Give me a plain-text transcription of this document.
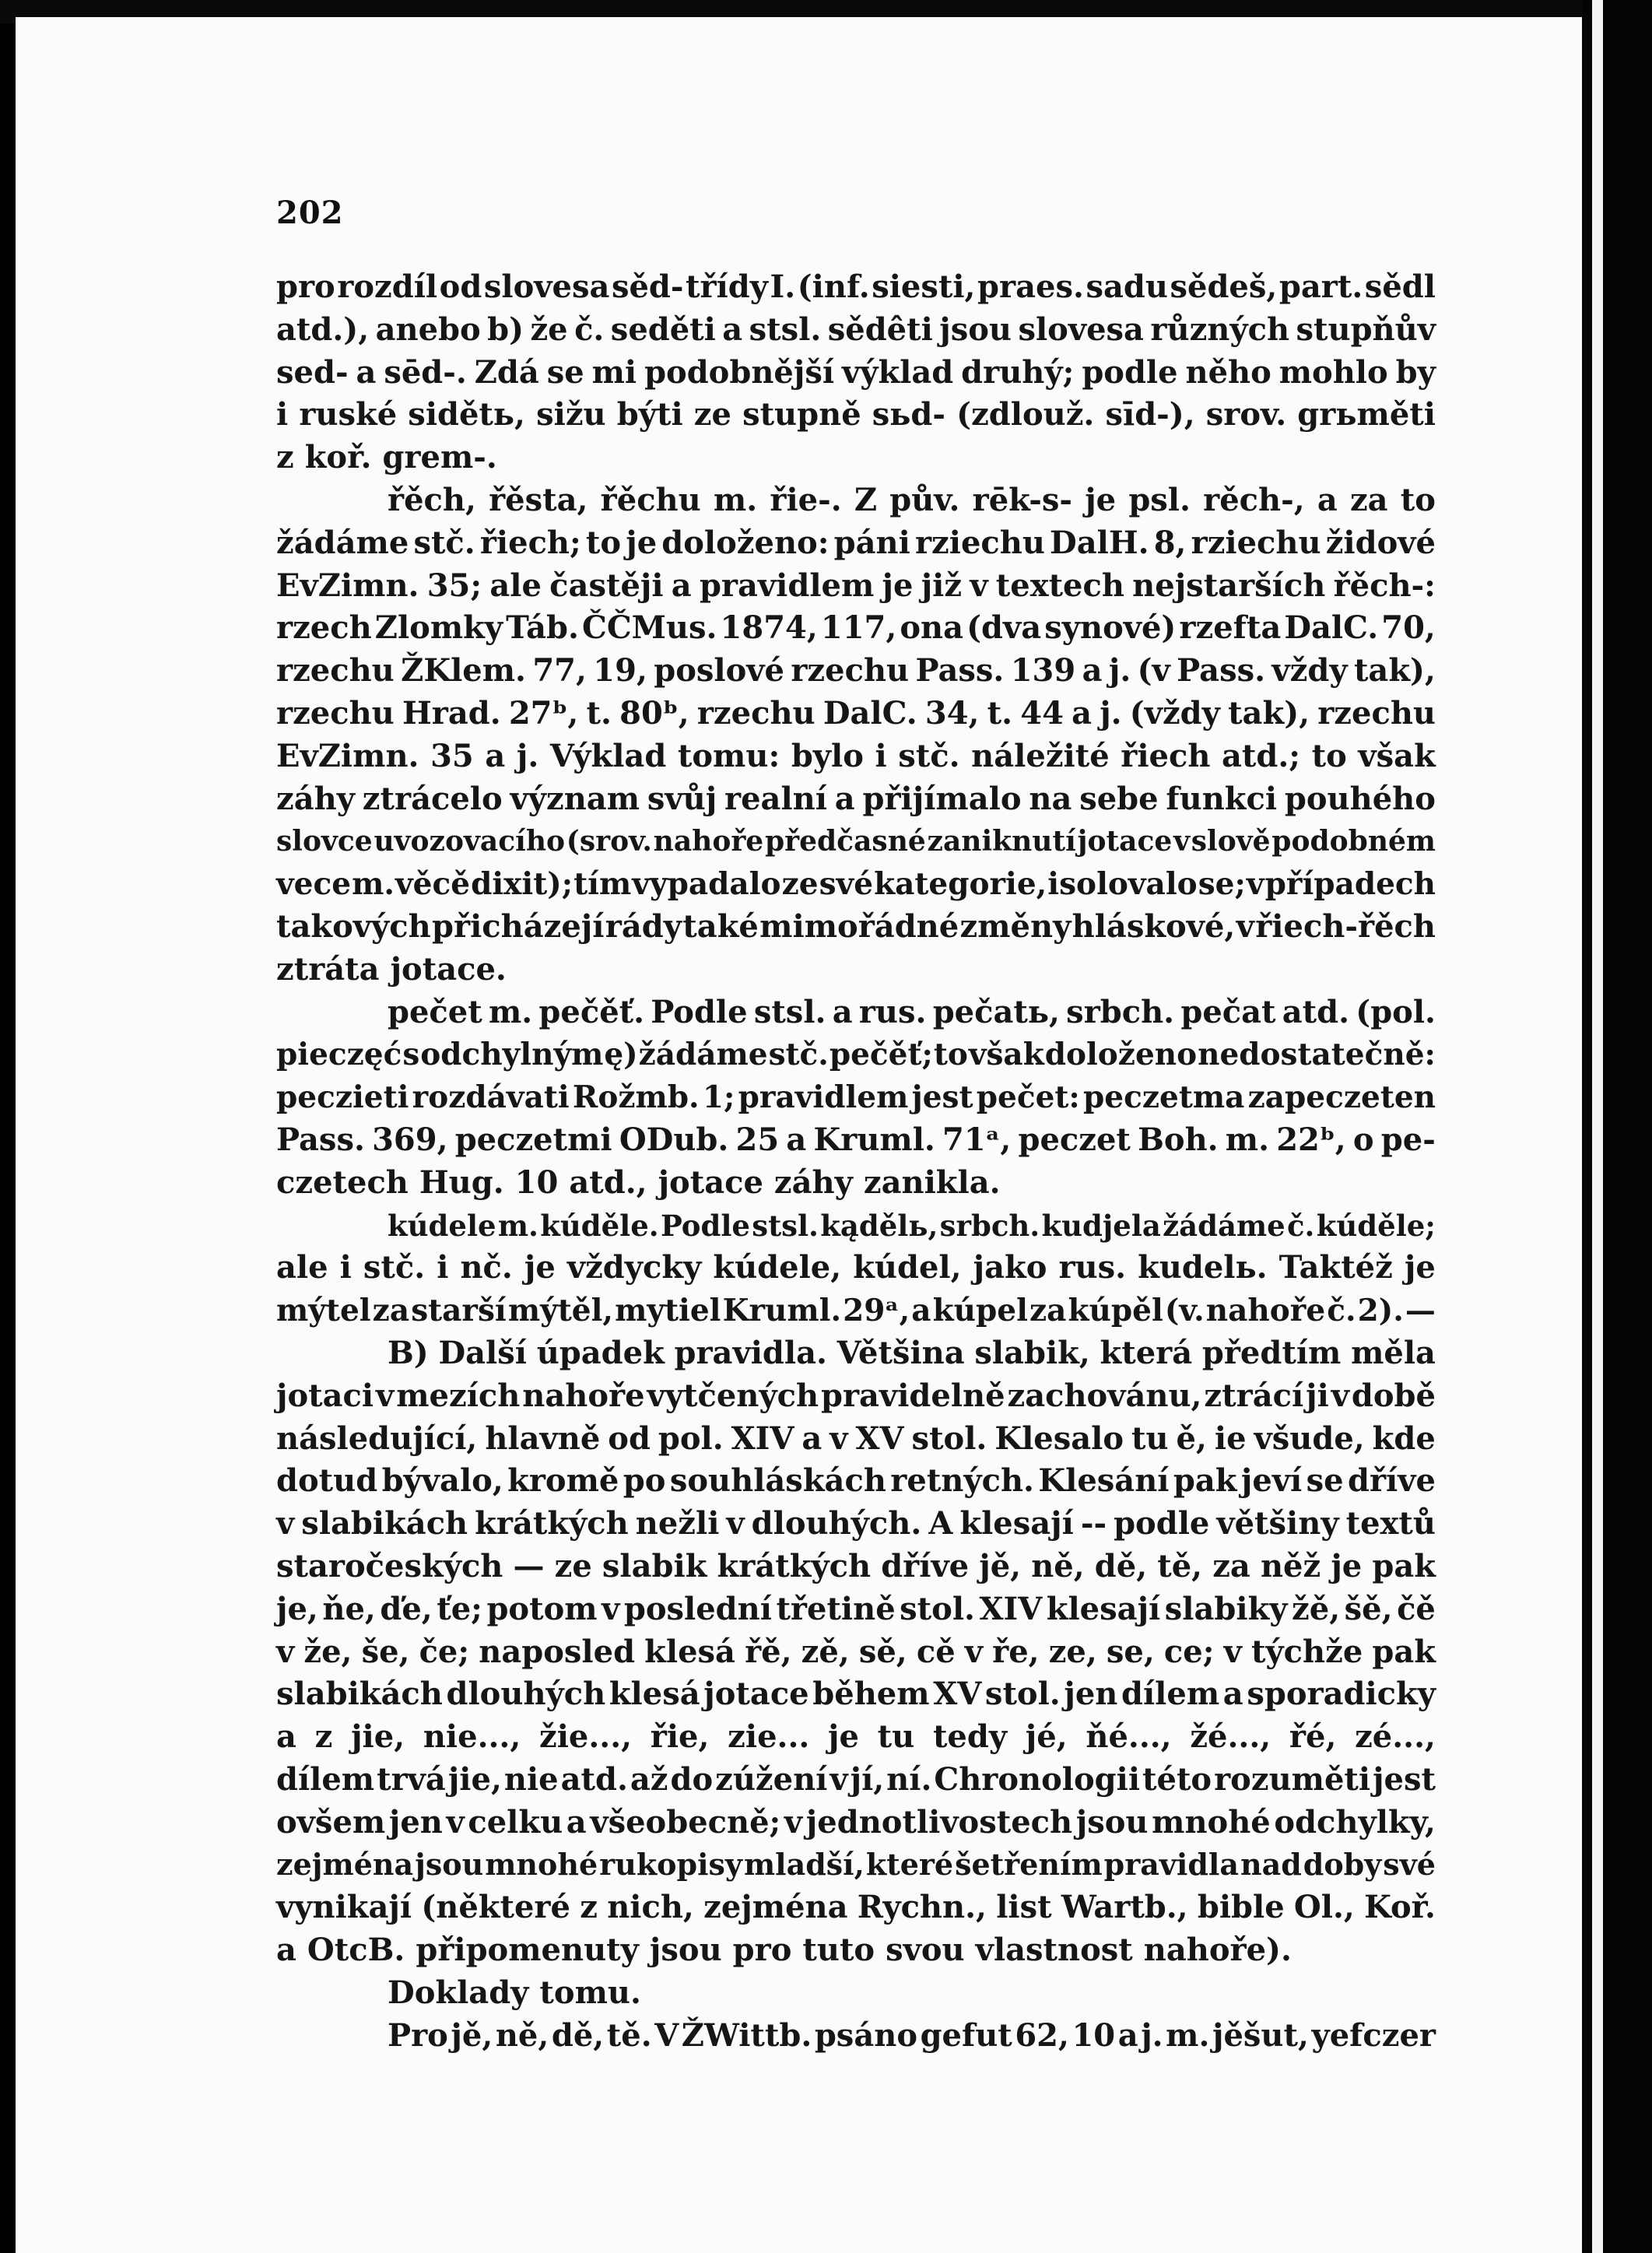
202
pro rozdíl od slovesa sěd- třídy I. (inf. siesti, praes. sadu sědeš, part. sědl
atd.), anebo b) že č. seděti a stsl. sědêti jsou slovesa různých stupňův
sed- a sēd-. Zdá se mi podobnější výklad druhý; podle něho mohlo by
i ruské sidětь, sižu býti ze stupně sьd- (zdlouž. sīd-), srov. grьměti
z koř. grem-.
řěch, řěsta, řěchu m. řie-. Z pův. rēk-s- je psl. rěch-, a za to
žádáme stč. řiech; to je doloženo: páni rziechu DalH. 8, rziechu židové
EvZimn. 35; ale častěji a pravidlem je již v textech nejstarších řěch-:
rzech Zlomky Táb. ČČMus. 1874, 117, ona (dva synové) rzefta DalC. 70,
rzechu ŽKlem. 77, 19, poslové rzechu Pass. 139 a j. (v Pass. vždy tak),
rzechu Hrad. 27ᵇ, t. 80ᵇ, rzechu DalC. 34, t. 44 a j. (vždy tak), rzechu
EvZimn. 35 a j. Výklad tomu: bylo i stč. náležité řiech atd.; to však
záhy ztrácelo význam svůj realní a přijímalo na sebe funkci pouhého
slovce uvozovacího (srov. nahoře předčasné zaniknutí jotace v slově podobném
vece m. věcě dixit); tím vypadalo ze své kategorie, isolovalo se; v případech
takových přicházejí rády také mimořádné změny hláskové, v řiech-řěch
ztráta jotace.
pečet m. pečěť. Podle stsl. a rus. pečatь, srbch. pečat atd. (pol.
pieczęć s odchylným ę) žádáme stč. pečěť; to však doloženo nedostatečně:
peczieti rozdávati Rožmb. 1; pravidlem jest pečet: peczetma zapeczeten
Pass. 369, peczetmi ODub. 25 a Kruml. 71ᵃ, peczet Boh. m. 22ᵇ, o pe-
czetech Hug. 10 atd., jotace záhy zanikla.
kúdele m. kúděle. Podle stsl. kądělь, srbch. kudjela žádáme č. kúděle;
ale i stč. i nč. je vždycky kúdele, kúdel, jako rus. kudelь. Taktéž je
mýtel za starší mýtěl, mytiel Kruml. 29ᵃ, a kúpel za kúpěl (v. nahoře č. 2). —
B) Další úpadek pravidla. Většina slabik, která předtím měla
jotaci v mezích nahoře vytčených pravidelně zachovánu, ztrácí ji v době
následující, hlavně od pol. XIV a v XV stol. Klesalo tu ě, ie všude, kde
dotud bývalo, kromě po souhláskách retných. Klesání pak jeví se dříve
v slabikách krátkých nežli v dlouhých. A klesají -- podle většiny textů
staročeských — ze slabik krátkých dříve jě, ně, dě, tě, za něž je pak
je, ňe, ďe, ťe; potom v poslední třetině stol. XIV klesají slabiky žě, šě, čě
v že, še, če; naposled klesá řě, zě, sě, cě v ře, ze, se, ce; v týchže pak
slabikách dlouhých klesá jotace během XV stol. jen dílem a sporadicky
a z jie, nie..., žie..., řie, zie... je tu tedy jé, ňé..., žé..., řé, zé...,
dílem trvá jie, nie atd. až do zúžení v jí, ní. Chronologii této rozuměti jest
ovšem jen v celku a všeobecně; v jednotlivostech jsou mnohé odchylky,
zejména jsou mnohé rukopisy mladší, které šetřením pravidla nad doby své
vynikají (některé z nich, zejména Rychn., list Wartb., bible Ol., Koř.
a OtcB. připomenuty jsou pro tuto svou vlastnost nahoře).
Doklady tomu.
Pro jě, ně, dě, tě. V ŽWittb. psáno gefut 62, 10 a j. m. jěšut, yefczer
